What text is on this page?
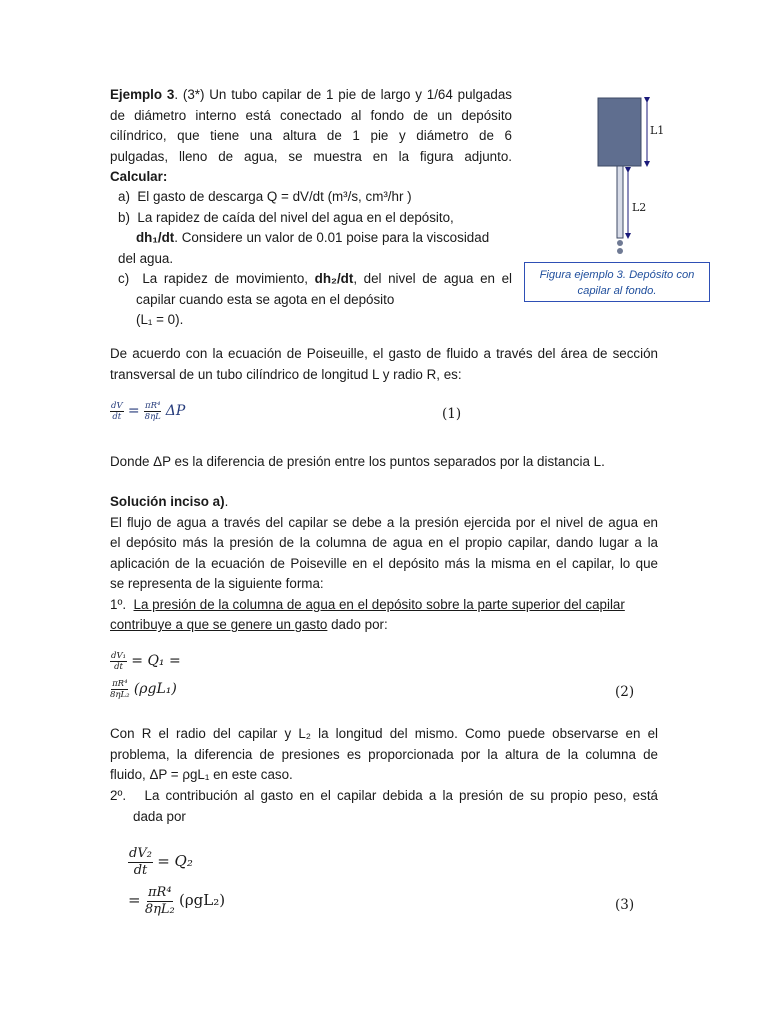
Ejemplo 3. (3*) Un tubo capilar de 1 pie de largo y 1/64 pulgadas
de diámetro interno está conectado al fondo de un depósito
cilíndrico, que tiene una altura de 1 pie y diámetro de 6
pulgadas, lleno de agua, se muestra en la figura adjunto.
Calcular:
a) El gasto de descarga Q = dV/dt (m³/s, cm³/hr )
b) La rapidez de caída del nivel del agua en el depósito,
dh₁/dt. Considere un valor de 0.01 poise para la viscosidad
del agua.
c) La rapidez de movimiento, dh₂/dt, del nivel de agua en el
capilar cuando esta se agota en el depósito
(L₁ = 0).
L1
L2
Figura ejemplo 3. Depósito con
capilar al fondo.
De acuerdo con la ecuación de Poiseuille, el gasto de fluido a través del área de sección
transversal de un tubo cilíndrico de longitud L y radio R, es:
$\frac{dV}{dt} = \frac{\text{πR⁴}}{8\eta L}$ ΔP	(1)
Donde ΔP es la diferencia de presión entre los puntos separados por la distancia L.
Solución inciso a).
El flujo de agua a través del capilar se debe a la presión ejercida por el nivel de agua en
el depósito más la presión de la columna de agua en el propio capilar, dando lugar a la
aplicación de la ecuación de Poiseville en el depósito más la misma en el capilar, lo que
se representa de la siguiente forma:
1º. La presión de la columna de agua en el depósito sobre la parte superior del capilar
contribuye a que se genere un gasto dado por:
$\frac{\text{dV₁}}{dt} = Q_1$ =
$\frac{\text{πR⁴}}{\text{8ηL₂}} (\rho gL_1)$	(2)
Con R el radio del capilar y L₂ la longitud del mismo. Como puede observarse en el
problema, la diferencia de presiones es proporcionada por la altura de la columna de
fluido, ΔP = ρgL₁ en este caso.
2º. La contribución al gasto en el capilar debida a la presión de su propio peso, está
dada por
$\frac{\text{dV₂}}{dt} = Q_2$
= $\frac{\text{πR⁴}}{\text{8ηL₂}} (\rho gL_2)$	(3)
